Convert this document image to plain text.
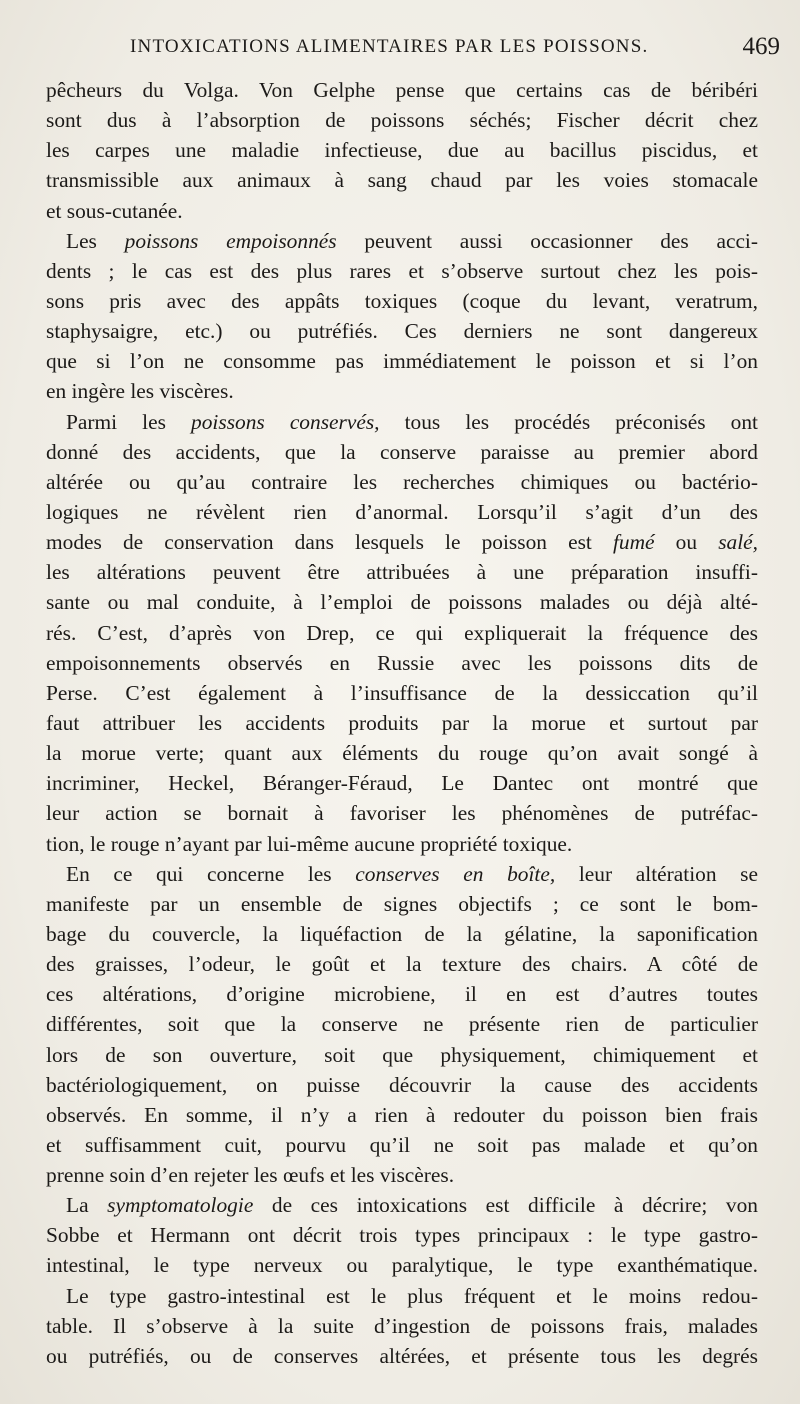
INTOXICATIONS ALIMENTAIRES PAR LES POISSONS.	469
pêcheurs du Volga. Von Gelphe pense que certains cas de béribéri
sont dus à l’absorption de poissons séchés; Fischer décrit chez
les carpes une maladie infectieuse, due au bacillus piscidus, et
transmissible aux animaux à sang chaud par les voies stomacale
et sous-cutanée.
Les poissons empoisonnés peuvent aussi occasionner des acci-
dents ; le cas est des plus rares et s’observe surtout chez les pois-
sons pris avec des appâts toxiques (coque du levant, veratrum,
staphysaigre, etc.) ou putréfiés. Ces derniers ne sont dangereux
que si l’on ne consomme pas immédiatement le poisson et si l’on
en ingère les viscères.
Parmi les poissons conservés, tous les procédés préconisés ont
donné des accidents, que la conserve paraisse au premier abord
altérée ou qu’au contraire les recherches chimiques ou bactério-
logiques ne révèlent rien d’anormal. Lorsqu’il s’agit d’un des
modes de conservation dans lesquels le poisson est fumé ou salé,
les altérations peuvent être attribuées à une préparation insuffi-
sante ou mal conduite, à l’emploi de poissons malades ou déjà alté-
rés. C’est, d’après von Drep, ce qui expliquerait la fréquence des
empoisonnements observés en Russie avec les poissons dits de
Perse. C’est également à l’insuffisance de la dessiccation qu’il
faut attribuer les accidents produits par la morue et surtout par
la morue verte; quant aux éléments du rouge qu’on avait songé à
incriminer, Heckel, Béranger-Féraud, Le Dantec ont montré que
leur action se bornait à favoriser les phénomènes de putréfac-
tion, le rouge n’ayant par lui-même aucune propriété toxique.
En ce qui concerne les conserves en boîte, leur altération se
manifeste par un ensemble de signes objectifs ; ce sont le bom-
bage du couvercle, la liquéfaction de la gélatine, la saponification
des graisses, l’odeur, le goût et la texture des chairs. A côté de
ces altérations, d’origine microbiene, il en est d’autres toutes
différentes, soit que la conserve ne présente rien de particulier
lors de son ouverture, soit que physiquement, chimiquement et
bactériologiquement, on puisse découvrir la cause des accidents
observés. En somme, il n’y a rien à redouter du poisson bien frais
et suffisamment cuit, pourvu qu’il ne soit pas malade et qu’on
prenne soin d’en rejeter les œufs et les viscères.
La symptomatologie de ces intoxications est difficile à décrire; von
Sobbe et Hermann ont décrit trois types principaux : le type gastro-
intestinal, le type nerveux ou paralytique, le type exanthématique.
Le type gastro-intestinal est le plus fréquent et le moins redou-
table. Il s’observe à la suite d’ingestion de poissons frais, malades
ou putréfiés, ou de conserves altérées, et présente tous les degrés
